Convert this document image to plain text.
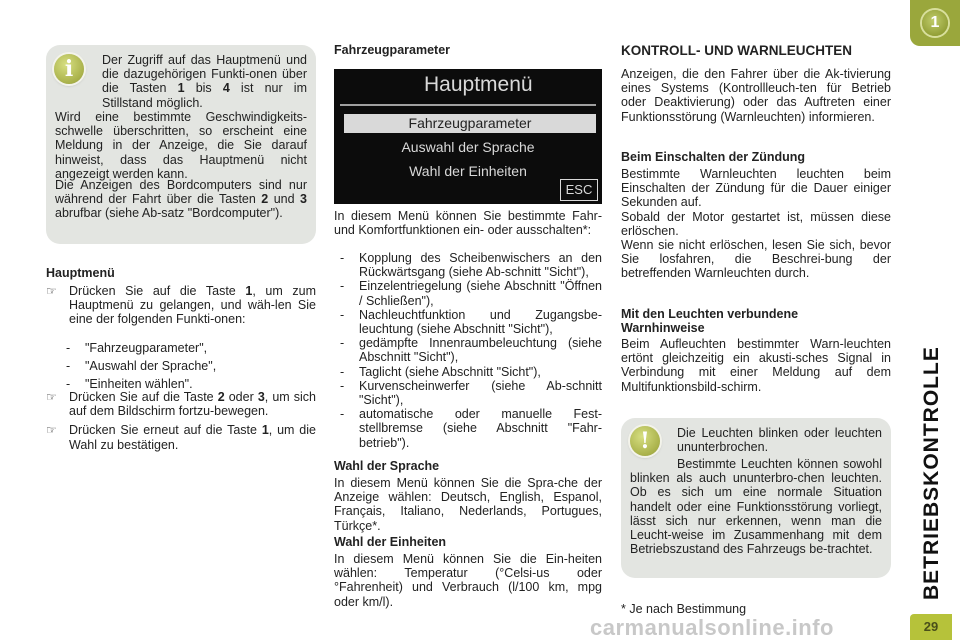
i	Der Zugriff auf das Hauptmenü und die dazugehörigen Funkti-onen über die Tasten 1 bis 4 ist nur im Stillstand möglich.

Wird eine bestimmte Geschwindigkeits-schwelle überschritten, so erscheint eine Meldung in der Anzeige, die Sie darauf hinweist, dass das Hauptmenü nicht angezeigt werden kann.

Die Anzeigen des Bordcomputers sind nur während der Fahrt über die Tasten 2 und 3 abrufbar (siehe Ab-satz "Bordcomputer").
Hauptmenü
☞ Drücken Sie auf die Taste 1, um zum Hauptmenü zu gelangen, und wäh-len Sie eine der folgenden Funkti-onen:
- "Fahrzeugparameter",
- "Auswahl der Sprache",
- "Einheiten wählen".
☞ Drücken Sie auf die Taste 2 oder 3, um sich auf dem Bildschirm fortzu-bewegen.
☞ Drücken Sie erneut auf die Taste 1, um die Wahl zu bestätigen.
Fahrzeugparameter
Hauptmenü
Fahrzeugparameter
Auswahl der Sprache
Wahl der Einheiten
ESC

In diesem Menü können Sie bestimmte Fahr- und Komfortfunktionen ein- oder ausschalten*:

- Kopplung des Scheibenwischers an den Rückwärtsgang (siehe Ab-schnitt "Sicht"),
- Einzelentriegelung (siehe Abschnitt "Öffnen / Schließen"),
- Nachleuchtfunktion und Zugangsbe-leuchtung (siehe Abschnitt "Sicht"),
- gedämpfte Innenraumbeleuchtung (siehe Abschnitt "Sicht"),
- Taglicht (siehe Abschnitt "Sicht"),
- Kurvenscheinwerfer (siehe Ab-schnitt "Sicht"),
- automatische oder manuelle Fest-stellbremse (siehe Abschnitt "Fahr-betrieb").
Wahl der Sprache

In diesem Menü können Sie die Spra-che der Anzeige wählen: Deutsch, English, Espanol, Français, Italiano, Nederlands, Portugues, Türkçe*.

Wahl der Einheiten

In diesem Menü können Sie die Ein-heiten wählen: Temperatur (°Celsi-us oder °Fahrenheit) und Verbrauch (l/100 km, mpg oder km/l).

KONTROLL- UND WARNLEUCHTEN

Anzeigen, die den Fahrer über die Ak-tivierung eines Systems (Kontrollleuch-ten für Betrieb oder Deaktivierung) oder das Auftreten einer Funktionsstörung (Warnleuchten) informieren.

Beim Einschalten der Zündung

Bestimmte Warnleuchten leuchten beim Einschalten der Zündung für die Dauer einiger Sekunden auf.

Sobald der Motor gestartet ist, müssen diese erlöschen.

Wenn sie nicht erlöschen, lesen Sie sich, bevor Sie losfahren, die Beschrei-bung der betreffenden Warnleuchten durch.

Mit den Leuchten verbundene Warnhinweise

Beim Aufleuchten bestimmter Warn-leuchten ertönt gleichzeitig ein akusti-sches Signal in Verbindung mit einer Meldung auf dem Multifunktionsbild-schirm.

!	Die Leuchten blinken oder leuchten ununterbrochen.

Bestimmte Leuchten können sowohl blinken als auch ununterbro-chen leuchten. Ob es sich um eine normale Situation handelt oder eine Funktionsstörung vorliegt, lässt sich nur erkennen, wenn man die Leucht-weise im Zusammenhang mit dem Betriebszustand des Fahrzeugs be-trachtet.

* Je nach Bestimmung
1
BETRIEBSKONTROLLE
29
carmanualsonline.info
